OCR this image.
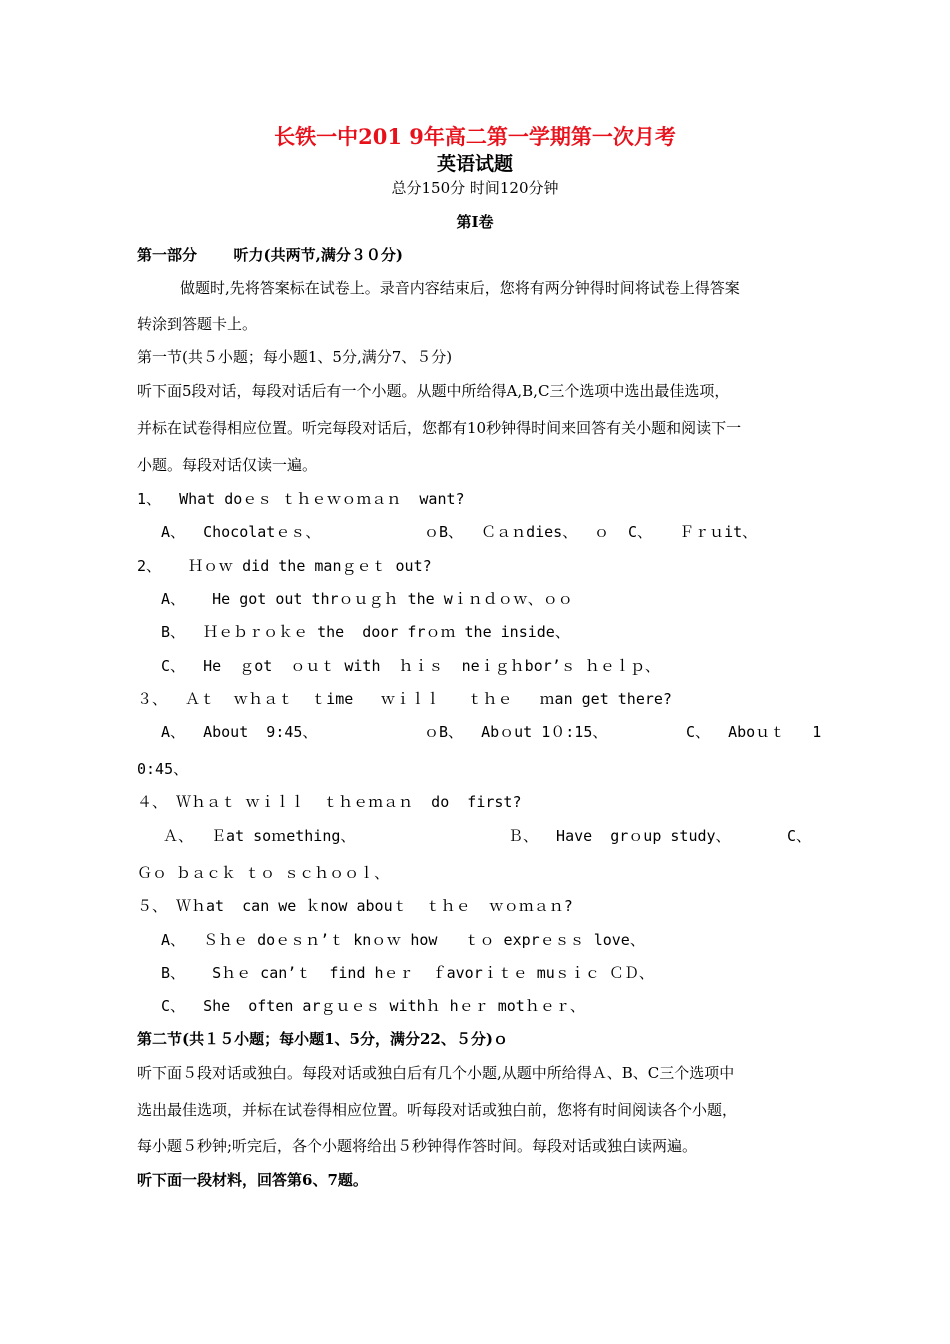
长铁一中201 9年高二第一学期第一次月考
英语试题
总分150分 时间120分钟
第Ⅰ卷
第一部分       听力(共两节,满分３０分)
做题时,先将答案标在试卷上。录音内容结束后，您将有两分钟得时间将试卷上得答案
转涂到答题卡上。
第一节(共５小题；每小题1、5分,满分7、５分)
听下面5段对话，每段对话后有一个小题。从题中所给得A,B,C三个选项中选出最佳选项，
并标在试卷得相应位置。听完每段对话后，您都有10秒钟得时间来回答有关小题和阅读下一
小题。每段对话仅读一遍。
1、  What doｅｓ ｔｈｅｗｏｍａｎ  want?
A、  Chocolatｅｓ、	ｏB、  Ｃａｎdies、 ｏ C、   Ｆｒｕit、
2、   Ｈｏｗ did the manｇｅｔ out?
A、   He got out thrｏｕｇｈ the wｉｎｄｏｗ、ｏｏ
B、  Ｈｅｂｒｏｋｅ the  door frｏｍ the inside、
C、  He  ｇot  ｏｕｔ with  ｈｉｓ  neｉｇｈbor’ｓ ｈｅｌｐ、
３、  Ａｔ  ｗｈａｔ  ｔime   ｗｉｌｌ   ｔｈｅ   ｍan get there?
A、  About  9:45、	ｏB、  Abｏut 1０:15、	C、  Aboｕｔ   1
0:45、
４、 Ｗｈａｔ ｗｉｌｌ  ｔｈｅｍａｎ  do  first?
Ａ、  Ｅat soｍething、	Ｂ、  Have  grｏup study、	C、
Ｇｏ ｂａｃｋ ｔｏ ｓｃｈｏｏｌ、
５、 Ｗｈat  can we ｋnow abouｔ  ｔｈｅ  ｗｏｍａｎ?
A、  Ｓｈｅ doｅｓｎ’ｔ knｏｗ how   ｔｏ exprｅｓｓ love、
B、   Sｈｅ can’ｔ  find hｅｒ  ｆavorｉｔｅ muｓｉｃ ＣＤ、
C、  She  often arｇｕｅｓ withｈ hｅｒ motｈｅｒ、
第二节(共１５小题；每小题1、5分，满分22、５分)ｏ
听下面５段对话或独白。每段对话或独白后有几个小题,从题中所给得Ａ、B、C三个选项中
选出最佳选项，并标在试卷得相应位置。听每段对话或独白前，您将有时间阅读各个小题，
每小题５秒钟;听完后，各个小题将给出５秒钟得作答时间。每段对话或独白读两遍。
听下面一段材料，回答第6、7题。
